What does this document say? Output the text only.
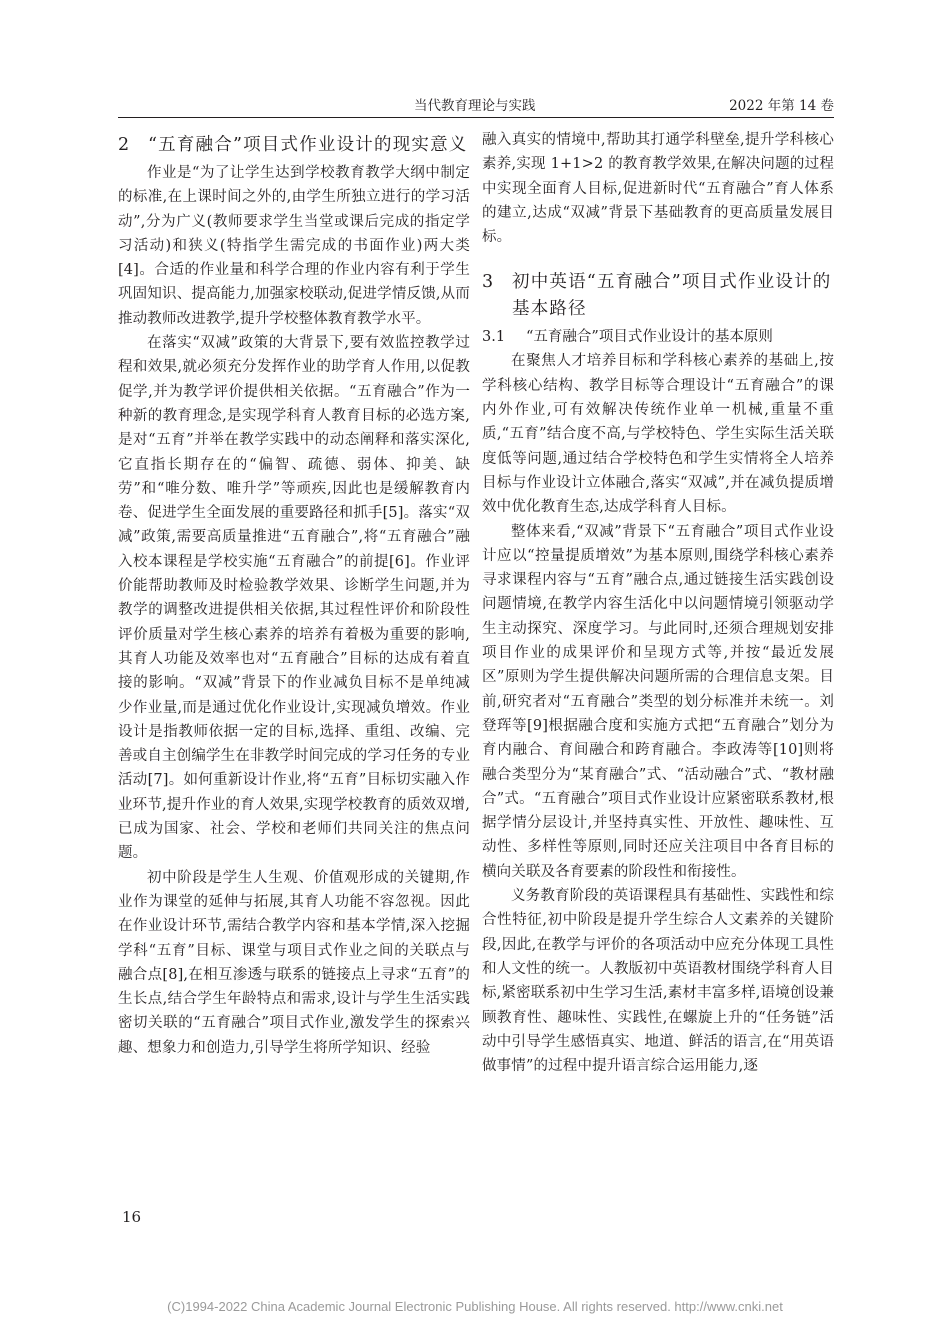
当代教育理论与实践	2022 年第 14 卷
2	“五育融合”项目式作业设计的现实意义

作业是“为了让学生达到学校教育教学大纲中制定的标准,在上课时间之外的,由学生所独立进行的学习活动”,分为广义(教师要求学生当堂或课后完成的指定学习活动)和狭义(特指学生需完成的书面作业)两大类[4]。合适的作业量和科学合理的作业内容有利于学生巩固知识、提高能力,加强家校联动,促进学情反馈,从而推动教师改进教学,提升学校整体教育教学水平。

在落实“双减”政策的大背景下,要有效监控教学过程和效果,就必须充分发挥作业的助学育人作用,以促教促学,并为教学评价提供相关依据。“五育融合”作为一种新的教育理念,是实现学科育人教育目标的必选方案,是对“五育”并举在教学实践中的动态阐释和落实深化,它直指长期存在的“偏智、疏德、弱体、抑美、缺劳”和“唯分数、唯升学”等顽疾,因此也是缓解教育内卷、促进学生全面发展的重要路径和抓手[5]。落实“双减”政策,需要高质量推进“五育融合”,将“五育融合”融入校本课程是学校实施“五育融合”的前提[6]。作业评价能帮助教师及时检验教学效果、诊断学生问题,并为教学的调整改进提供相关依据,其过程性评价和阶段性评价质量对学生核心素养的培养有着极为重要的影响,其育人功能及效率也对“五育融合”目标的达成有着直接的影响。“双减”背景下的作业减负目标不是单纯减少作业量,而是通过优化作业设计,实现减负增效。作业设计是指教师依据一定的目标,选择、重组、改编、完善或自主创编学生在非教学时间完成的学习任务的专业活动[7]。如何重新设计作业,将“五育”目标切实融入作业环节,提升作业的育人效果,实现学校教育的质效双增,已成为国家、社会、学校和老师们共同关注的焦点问题。

初中阶段是学生人生观、价值观形成的关键期,作业作为课堂的延伸与拓展,其育人功能不容忽视。因此在作业设计环节,需结合教学内容和基本学情,深入挖掘学科“五育”目标、课堂与项目式作业之间的关联点与融合点[8],在相互渗透与联系的链接点上寻求“五育”的生长点,结合学生年龄特点和需求,设计与学生生活实践密切关联的“五育融合”项目式作业,激发学生的探索兴趣、想象力和创造力,引导学生将所学知识、经验

融入真实的情境中,帮助其打通学科壁垒,提升学科核心素养,实现 1+1>2 的教育教学效果,在解决问题的过程中实现全面育人目标,促进新时代“五育融合”育人体系的建立,达成“双减”背景下基础教育的更高质量发展目标。

3	初中英语“五育融合”项目式作业设计的基本路径
3.1	“五育融合”项目式作业设计的基本原则

在聚焦人才培养目标和学科核心素养的基础上,按学科核心结构、教学目标等合理设计“五育融合”的课内外作业,可有效解决传统作业单一机械,重量不重质,“五育”结合度不高,与学校特色、学生实际生活关联度低等问题,通过结合学校特色和学生实情将全人培养目标与作业设计立体融合,落实“双减”,并在减负提质增效中优化教育生态,达成学科育人目标。

整体来看,“双减”背景下“五育融合”项目式作业设计应以“控量提质增效”为基本原则,围绕学科核心素养寻求课程内容与“五育”融合点,通过链接生活实践创设问题情境,在教学内容生活化中以问题情境引领驱动学生主动探究、深度学习。与此同时,还须合理规划安排项目作业的成果评价和呈现方式等,并按“最近发展区”原则为学生提供解决问题所需的合理信息支架。目前,研究者对“五育融合”类型的划分标准并未统一。刘登珲等[9]根据融合度和实施方式把“五育融合”划分为育内融合、育间融合和跨育融合。李政涛等[10]则将融合类型分为“某育融合”式、“活动融合”式、“教材融合”式。“五育融合”项目式作业设计应紧密联系教材,根据学情分层设计,并坚持真实性、开放性、趣味性、互动性、多样性等原则,同时还应关注项目中各育目标的横向关联及各育要素的阶段性和衔接性。

义务教育阶段的英语课程具有基础性、实践性和综合性特征,初中阶段是提升学生综合人文素养的关键阶段,因此,在教学与评价的各项活动中应充分体现工具性和人文性的统一。人教版初中英语教材围绕学科育人目标,紧密联系初中生学习生活,素材丰富多样,语境创设兼顾教育性、趣味性、实践性,在螺旋上升的“任务链”活动中引导学生感悟真实、地道、鲜活的语言,在“用英语做事情”的过程中提升语言综合运用能力,逐

16
(C)1994-2022 China Academic Journal Electronic Publishing House. All rights reserved. http://www.cnki.net
